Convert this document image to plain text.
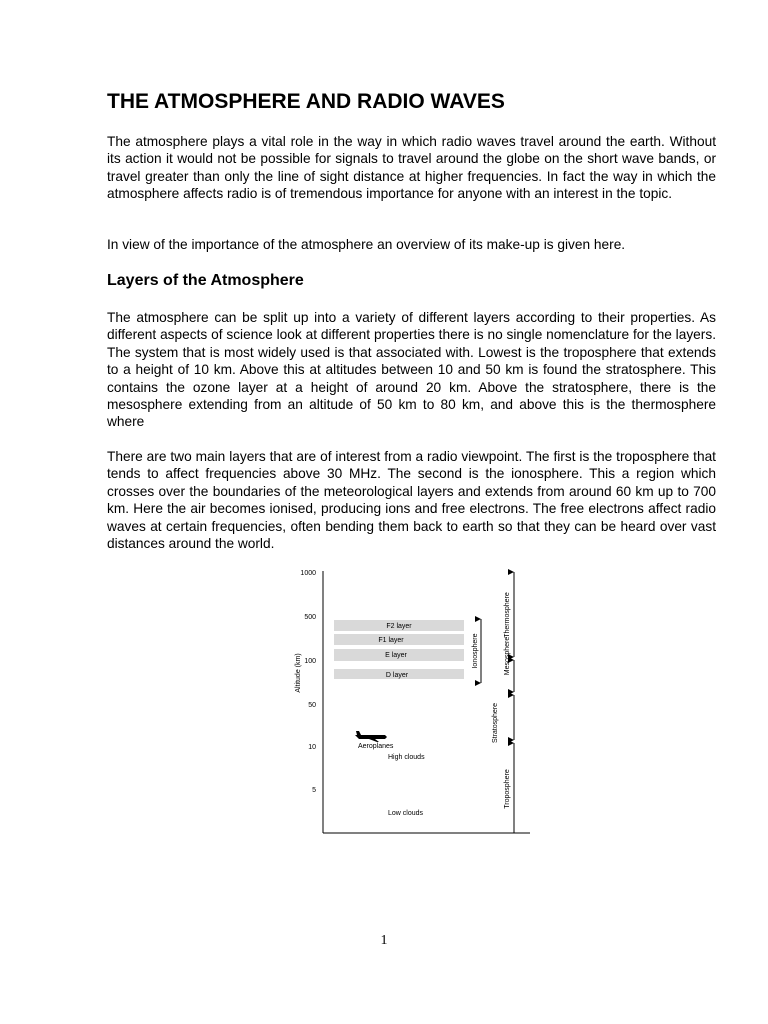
THE ATMOSPHERE AND RADIO WAVES

The atmosphere plays a vital role in the way in which radio waves travel around the earth. Without its action it would not be possible for signals to travel around the globe on the short wave bands, or travel greater than only the line of sight distance at higher frequencies. In fact the way in which the atmosphere affects radio is of tremendous importance for anyone with an interest in the topic.

In view of the importance of the atmosphere an overview of its make-up is given here.

Layers of the Atmosphere

The atmosphere can be split up into a variety of different layers according to their properties. As different aspects of science look at different properties there is no single nomenclature for the layers. The system that is most widely used is that associated with. Lowest is the troposphere that extends to a height of 10 km. Above this at altitudes between 10 and 50 km is found the stratosphere. This contains the ozone layer at a height of around 20 km. Above the stratosphere, there is the mesosphere extending from an altitude of 50 km to 80 km, and above this is the thermosphere where

There are two main layers that are of interest from a radio viewpoint. The first is the troposphere that tends to affect frequencies above 30 MHz. The second is the ionosphere. This a region which crosses over the boundaries of the meteorological layers and extends from around 60 km up to 700 km. Here the air becomes ionised, producing ions and free electrons. The free electrons affect radio waves at certain frequencies, often bending them back to earth so that they can be heard over vast distances around the world.

1000
500
100
50
10
5
Altitude (km)
F2 layer
F1 layer
E layer
D layer
Ionosphere
Thermosphere
Mesosphere
Stratosphere
Troposphere
Aeroplanes
High clouds
Low clouds
1
